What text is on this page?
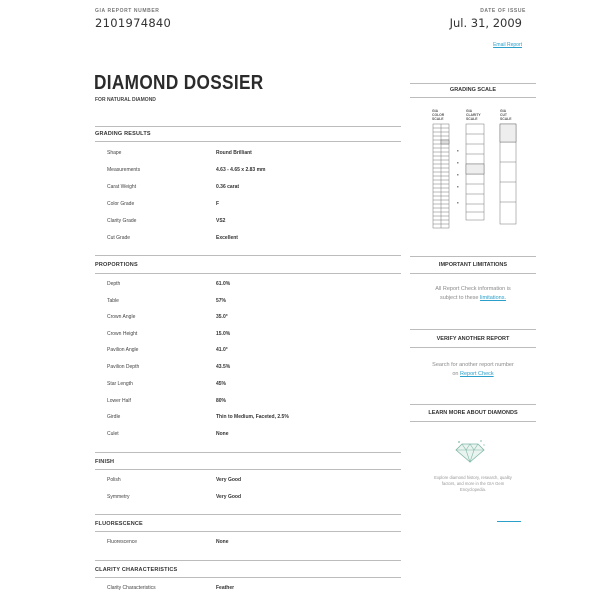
GIA REPORT NUMBER
2101974840
DATE OF ISSUE
Jul. 31, 2009
Email Report
DIAMOND DOSSIER
FOR NATURAL DIAMOND
GRADING RESULTS
Shape	Round Brilliant
Measurements	4.63 - 4.65 x 2.83 mm
Carat Weight	0.36 carat
Color Grade	F
Clarity Grade	VS2
Cut Grade	Excellent
PROPORTIONS
Depth	61.0%
Table	57%
Crown Angle	35.0°
Crown Height	15.0%
Pavilion Angle	41.0°
Pavilion Depth	43.5%
Star Length	45%
Lower Half	80%
Girdle	Thin to Medium, Faceted, 2.5%
Culet	None
FINISH
Polish	Very Good
Symmetry	Very Good
FLUORESCENCE
Fluorescence	None
CLARITY CHARACTERISTICS
Clarity Characteristics	Feather
GRADING SCALE
GIA
COLOR
SCALE
GIA
CLARITY
SCALE
GIA
CUT
SCALE
IMPORTANT LIMITATIONS
All Report Check information is
subject to these limitations.
VERIFY ANOTHER REPORT
Search for another report number
on Report Check
LEARN MORE ABOUT DIAMONDS
Explore diamond history, research, quality
factors, and more in the GIA Gem
Encyclopedia.
